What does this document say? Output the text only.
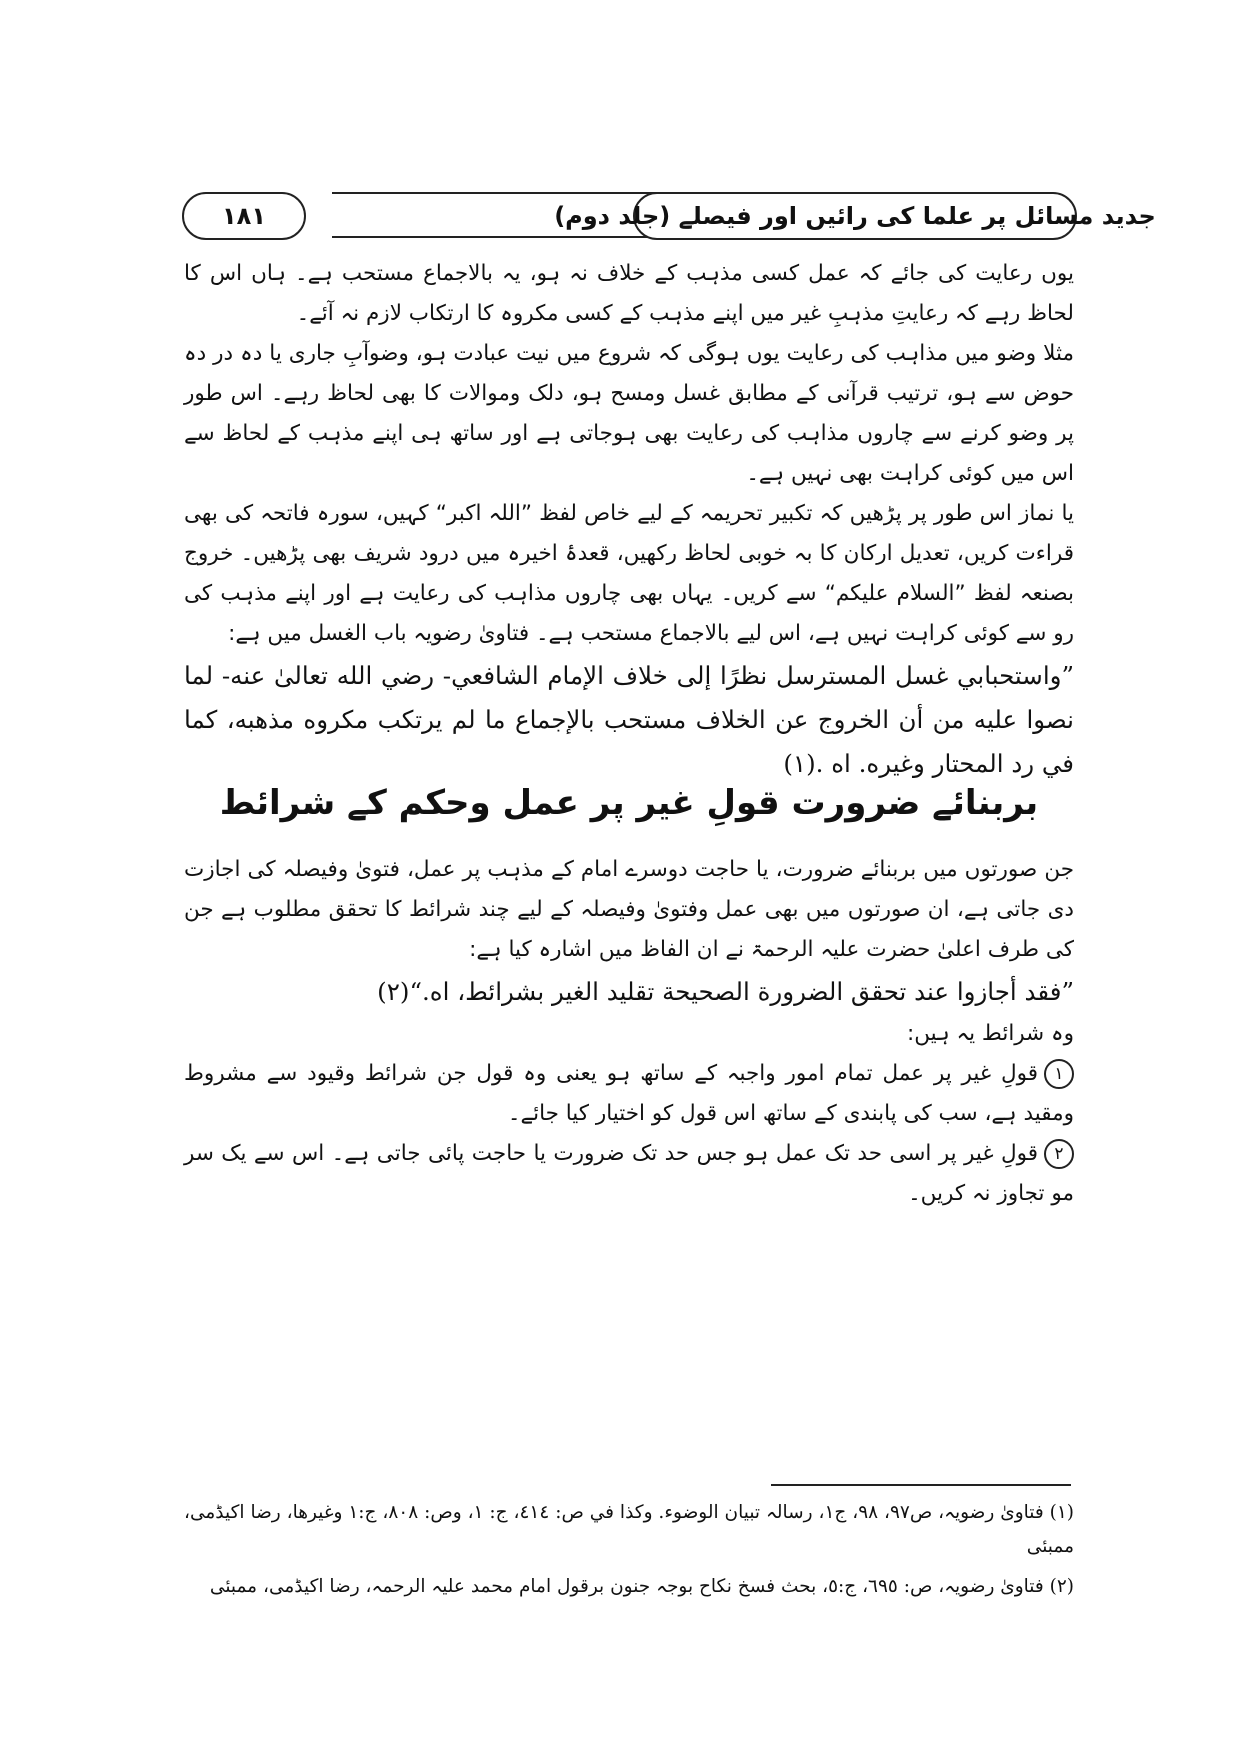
جدید مسائل پر علما کی رائیں اور فیصلے (جلد دوم)
۱۸۱

یوں رعایت کی جائے کہ عمل کسی مذہب کے خلاف نہ ہو، یہ بالاجماع مستحب ہے۔ ہاں اس کا لحاظ رہے کہ رعایتِ مذہبِ غیر میں اپنے مذہب کے کسی مکروہ کا ارتکاب لازم نہ آئے۔

مثلا وضو میں مذاہب کی رعایت یوں ہوگی کہ شروع میں نیت عبادت ہو، وضوآبِ جاری یا دہ در دہ حوض سے ہو، ترتیب قرآنی کے مطابق غسل ومسح ہو، دلک وموالات کا بھی لحاظ رہے۔ اس طور پر وضو کرنے سے چاروں مذاہب کی رعایت بھی ہوجاتی ہے اور ساتھ ہی اپنے مذہب کے لحاظ سے اس میں کوئی کراہت بھی نہیں ہے۔

یا نماز اس طور پر پڑھیں کہ تکبیر تحریمہ کے لیے خاص لفظ ”اللہ اکبر“ کہیں، سورہ فاتحہ کی بھی قراءت کریں، تعدیل ارکان کا بہ خوبی لحاظ رکھیں، قعدۂ اخیرہ میں درود شریف بھی پڑھیں۔ خروج بصنعہ لفظ ”السلام علیکم“ سے کریں۔ یہاں بھی چاروں مذاہب کی رعایت ہے اور اپنے مذہب کی رو سے کوئی کراہت نہیں ہے، اس لیے بالاجماع مستحب ہے۔ فتاویٰ رضویہ باب الغسل میں ہے:

”واستحبابي غسل المسترسل نظرًا إلى خلاف الإمام الشافعي- رضي الله تعالىٰ عنه- لما نصوا عليه من أن الخروج عن الخلاف مستحب بالإجماع ما لم يرتكب مكروه مذهبه، كما في رد المحتار وغيره. اه .(۱)

بربنائے ضرورت قولِ غیر پر عمل وحکم کے شرائط

جن صورتوں میں بربنائے ضرورت، یا حاجت دوسرے امام کے مذہب پر عمل، فتویٰ وفیصلہ کی اجازت دی جاتی ہے، ان صورتوں میں بھی عمل وفتویٰ وفیصلہ کے لیے چند شرائط کا تحقق مطلوب ہے جن کی طرف اعلیٰ حضرت علیہ الرحمۃ نے ان الفاظ میں اشارہ کیا ہے:

”فقد أجازوا عند تحقق الضرورة الصحيحة تقليد الغير بشرائط، اه.“(۲)

وہ شرائط یہ ہیں:

۱قولِ غیر پر عمل تمام امور واجبہ کے ساتھ ہو یعنی وہ قول جن شرائط وقیود سے مشروط ومقید ہے، سب کی پابندی کے ساتھ اس قول کو اختیار کیا جائے۔

۲قولِ غیر پر اسی حد تک عمل ہو جس حد تک ضرورت یا حاجت پائی جاتی ہے۔ اس سے یک سر مو تجاوز نہ کریں۔

(۱) فتاویٰ رضویہ، ص۹۷، ۹۸، ج۱، رسالہ تبیان الوضوء. وكذا في ص: ٤١٤، ج: ١، وص: ٨٠٨، ج:۱ وغیرھا، رضا اکیڈمی، ممبئی

(۲) فتاویٰ رضویہ، ص: ٦٩٥، ج:٥، بحث فسخ نکاح بوجہ جنون برقول امام محمد علیہ الرحمہ، رضا اکیڈمی، ممبئی
